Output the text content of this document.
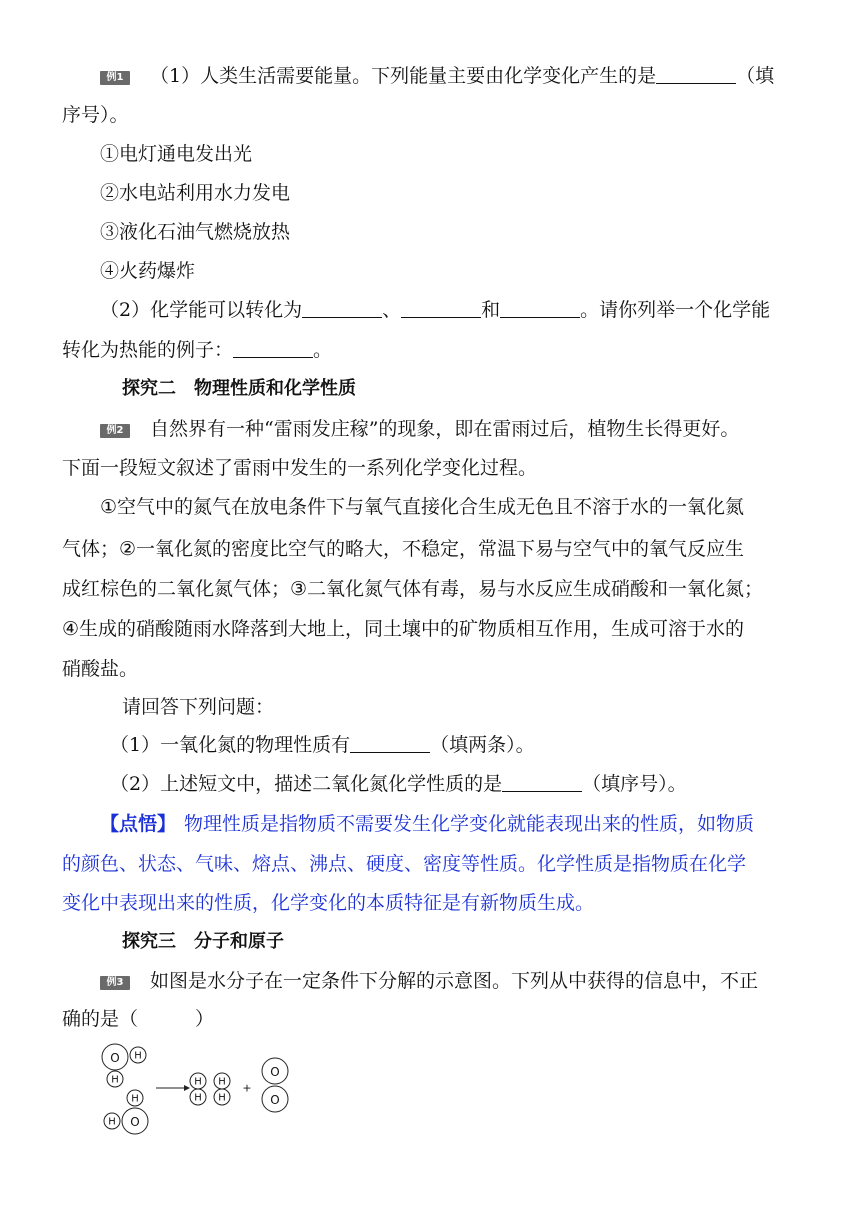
例1 （1）人类生活需要能量。下列能量主要由化学变化产生的是	（填
序号）。
①电灯通电发出光
②水电站利用水力发电
③液化石油气燃烧放热
④火药爆炸
（2）化学能可以转化为	、	和	。请你列举一个化学能
转化为热能的例子：	。
探究二　物理性质和化学性质
例2 自然界有一种“雷雨发庄稼”的现象，即在雷雨过后，植物生长得更好。
下面一段短文叙述了雷雨中发生的一系列化学变化过程。
①空气中的氮气在放电条件下与氧气直接化合生成无色且不溶于水的一氧化氮
气体；②一氧化氮的密度比空气的略大，不稳定，常温下易与空气中的氧气反应生
成红棕色的二氧化氮气体；③二氧化氮气体有毒，易与水反应生成硝酸和一氧化氮；
④生成的硝酸随雨水降落到大地上，同土壤中的矿物质相互作用，生成可溶于水的
硝酸盐。
请回答下列问题：
（1）一氧化氮的物理性质有	（填两条）。
（2）上述短文中，描述二氧化氮化学性质的是	（填序号）。
【点悟】 物理性质是指物质不需要发生化学变化就能表现出来的性质，如物质
的颜色、状态、气味、熔点、沸点、硬度、密度等性质。化学性质是指物质在化学
变化中表现出来的性质，化学变化的本质特征是有新物质生成。
探究三　分子和原子
例3 如图是水分子在一定条件下分解的示意图。下列从中获得的信息中，不正
确的是（　　　）
O H
H
H
O
H
H H
H H
+
O
O
